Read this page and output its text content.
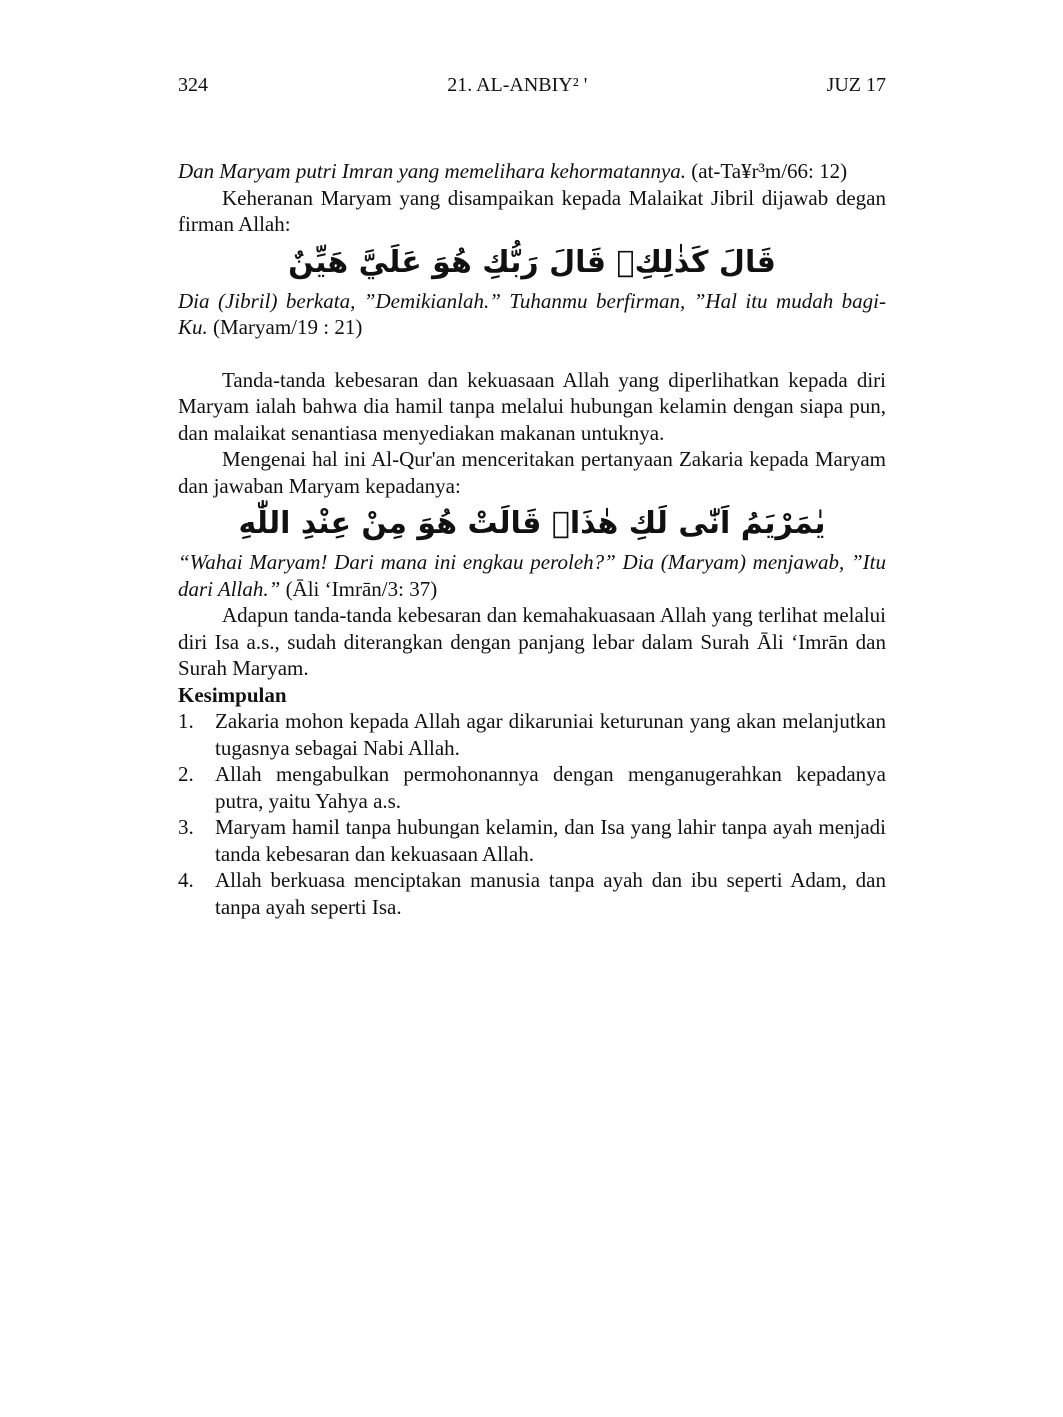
324	21. AL-ANBIY² '	JUZ 17

Dan Maryam putri Imran yang memelihara kehormatannya. (at-Ta¥r³m/66: 12)

Keheranan Maryam yang disampaikan kepada Malaikat Jibril dijawab degan firman Allah:

قَالَ كَذٰلِكِۚ قَالَ رَبُّكِ هُوَ عَلَيَّ هَيِّنٌ

Dia (Jibril) berkata, ”Demikianlah.” Tuhanmu berfirman, ”Hal itu mudah bagi-Ku. (Maryam/19 : 21)

Tanda-tanda kebesaran dan kekuasaan Allah yang diperlihatkan kepada diri Maryam ialah bahwa dia hamil tanpa melalui hubungan kelamin dengan siapa pun, dan malaikat senantiasa menyediakan makanan untuknya.

Mengenai hal ini Al-Qur'an menceritakan pertanyaan Zakaria kepada Maryam dan jawaban Maryam kepadanya:

يٰمَرْيَمُ اَنّٰى لَكِ هٰذَاۗ قَالَتْ هُوَ مِنْ عِنْدِ اللّٰهِ

“Wahai Maryam! Dari mana ini engkau peroleh?” Dia (Maryam) menjawab, ”Itu dari Allah.” (Āli ‘Imrān/3: 37)

Adapun tanda-tanda kebesaran dan kemahakuasaan Allah yang terlihat melalui diri Isa a.s., sudah diterangkan dengan panjang lebar dalam Surah Āli ‘Imrān dan Surah Maryam.

Kesimpulan

1.	Zakaria mohon kepada Allah agar dikaruniai keturunan yang akan melanjutkan tugasnya sebagai Nabi Allah.
2.	Allah mengabulkan permohonannya dengan menganugerahkan kepadanya putra, yaitu Yahya a.s.
3.	Maryam hamil tanpa hubungan kelamin, dan Isa yang lahir tanpa ayah menjadi tanda kebesaran dan kekuasaan Allah.
4.	Allah berkuasa menciptakan manusia tanpa ayah dan ibu seperti Adam, dan tanpa ayah seperti Isa.
